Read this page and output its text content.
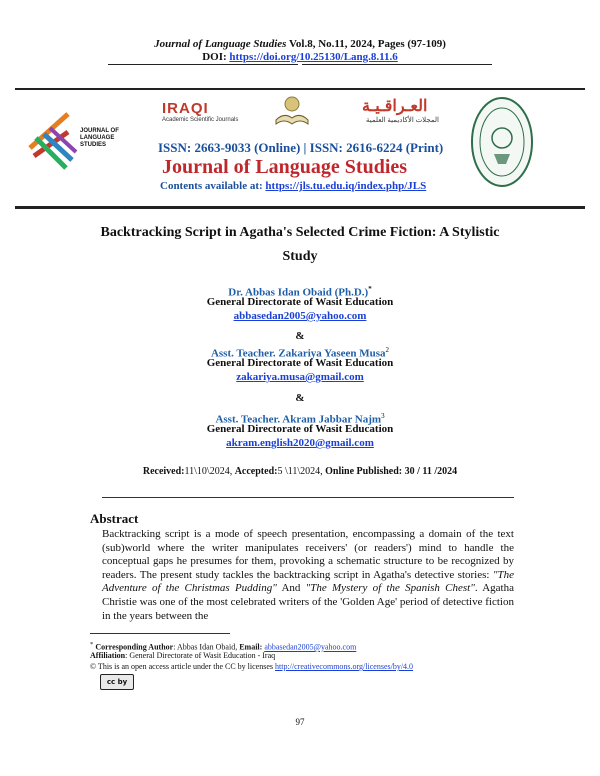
Journal of Language Studies Vol.8, No.11, 2024, Pages (97-109)
DOI: https://doi.org/10.25130/Lang.8.11.6
JOURNAL OF LANGUAGE STUDIES
IRAQI
Academic Scientific Journals
العـراقـيـة
المجلات الأكاديمية العلمية
ISSN: 2663-9033 (Online) | ISSN: 2616-6224 (Print)
Journal of Language Studies
Contents available at: https://jls.tu.edu.iq/index.php/JLS
Backtracking Script in Agatha's Selected Crime Fiction: A Stylistic Study
Dr. Abbas Idan Obaid (Ph.D.)*
General Directorate of Wasit Education
abbasedan2005@yahoo.com
&
Asst. Teacher. Zakariya Yaseen Musa$^2$
General Directorate of Wasit Education
zakariya.musa@gmail.com
&
Asst. Teacher. Akram Jabbar Najm$^3$
General Directorate of Wasit Education
akram.english2020@gmail.com
Received:11\10\2024, Accepted:5 \11\2024, Online Published: 30 / 11 /2024
Abstract
Backtracking script is a mode of speech presentation, encompassing a domain of the text (sub)world where the writer manipulates receivers' (or readers') mind to handle the conceptual gaps he presumes for them, provoking a schematic structure to be recognized by readers. The present study tackles the backtracking script in Agatha's detective stories: "The Adventure of the Christmas Pudding" And "The Mystery of the Spanish Chest". Agatha Christie was one of the most celebrated writers of the 'Golden Age' period of detective fiction in the years between the
* Corresponding Author: Abbas Idan Obaid, Email: abbasedan2005@yahoo.com
Affiliation: General Directorate of Wasit Education - Iraq
© This is an open access article under the CC by licenses http://creativecommons.org/licenses/by/4.0
cc by
97
